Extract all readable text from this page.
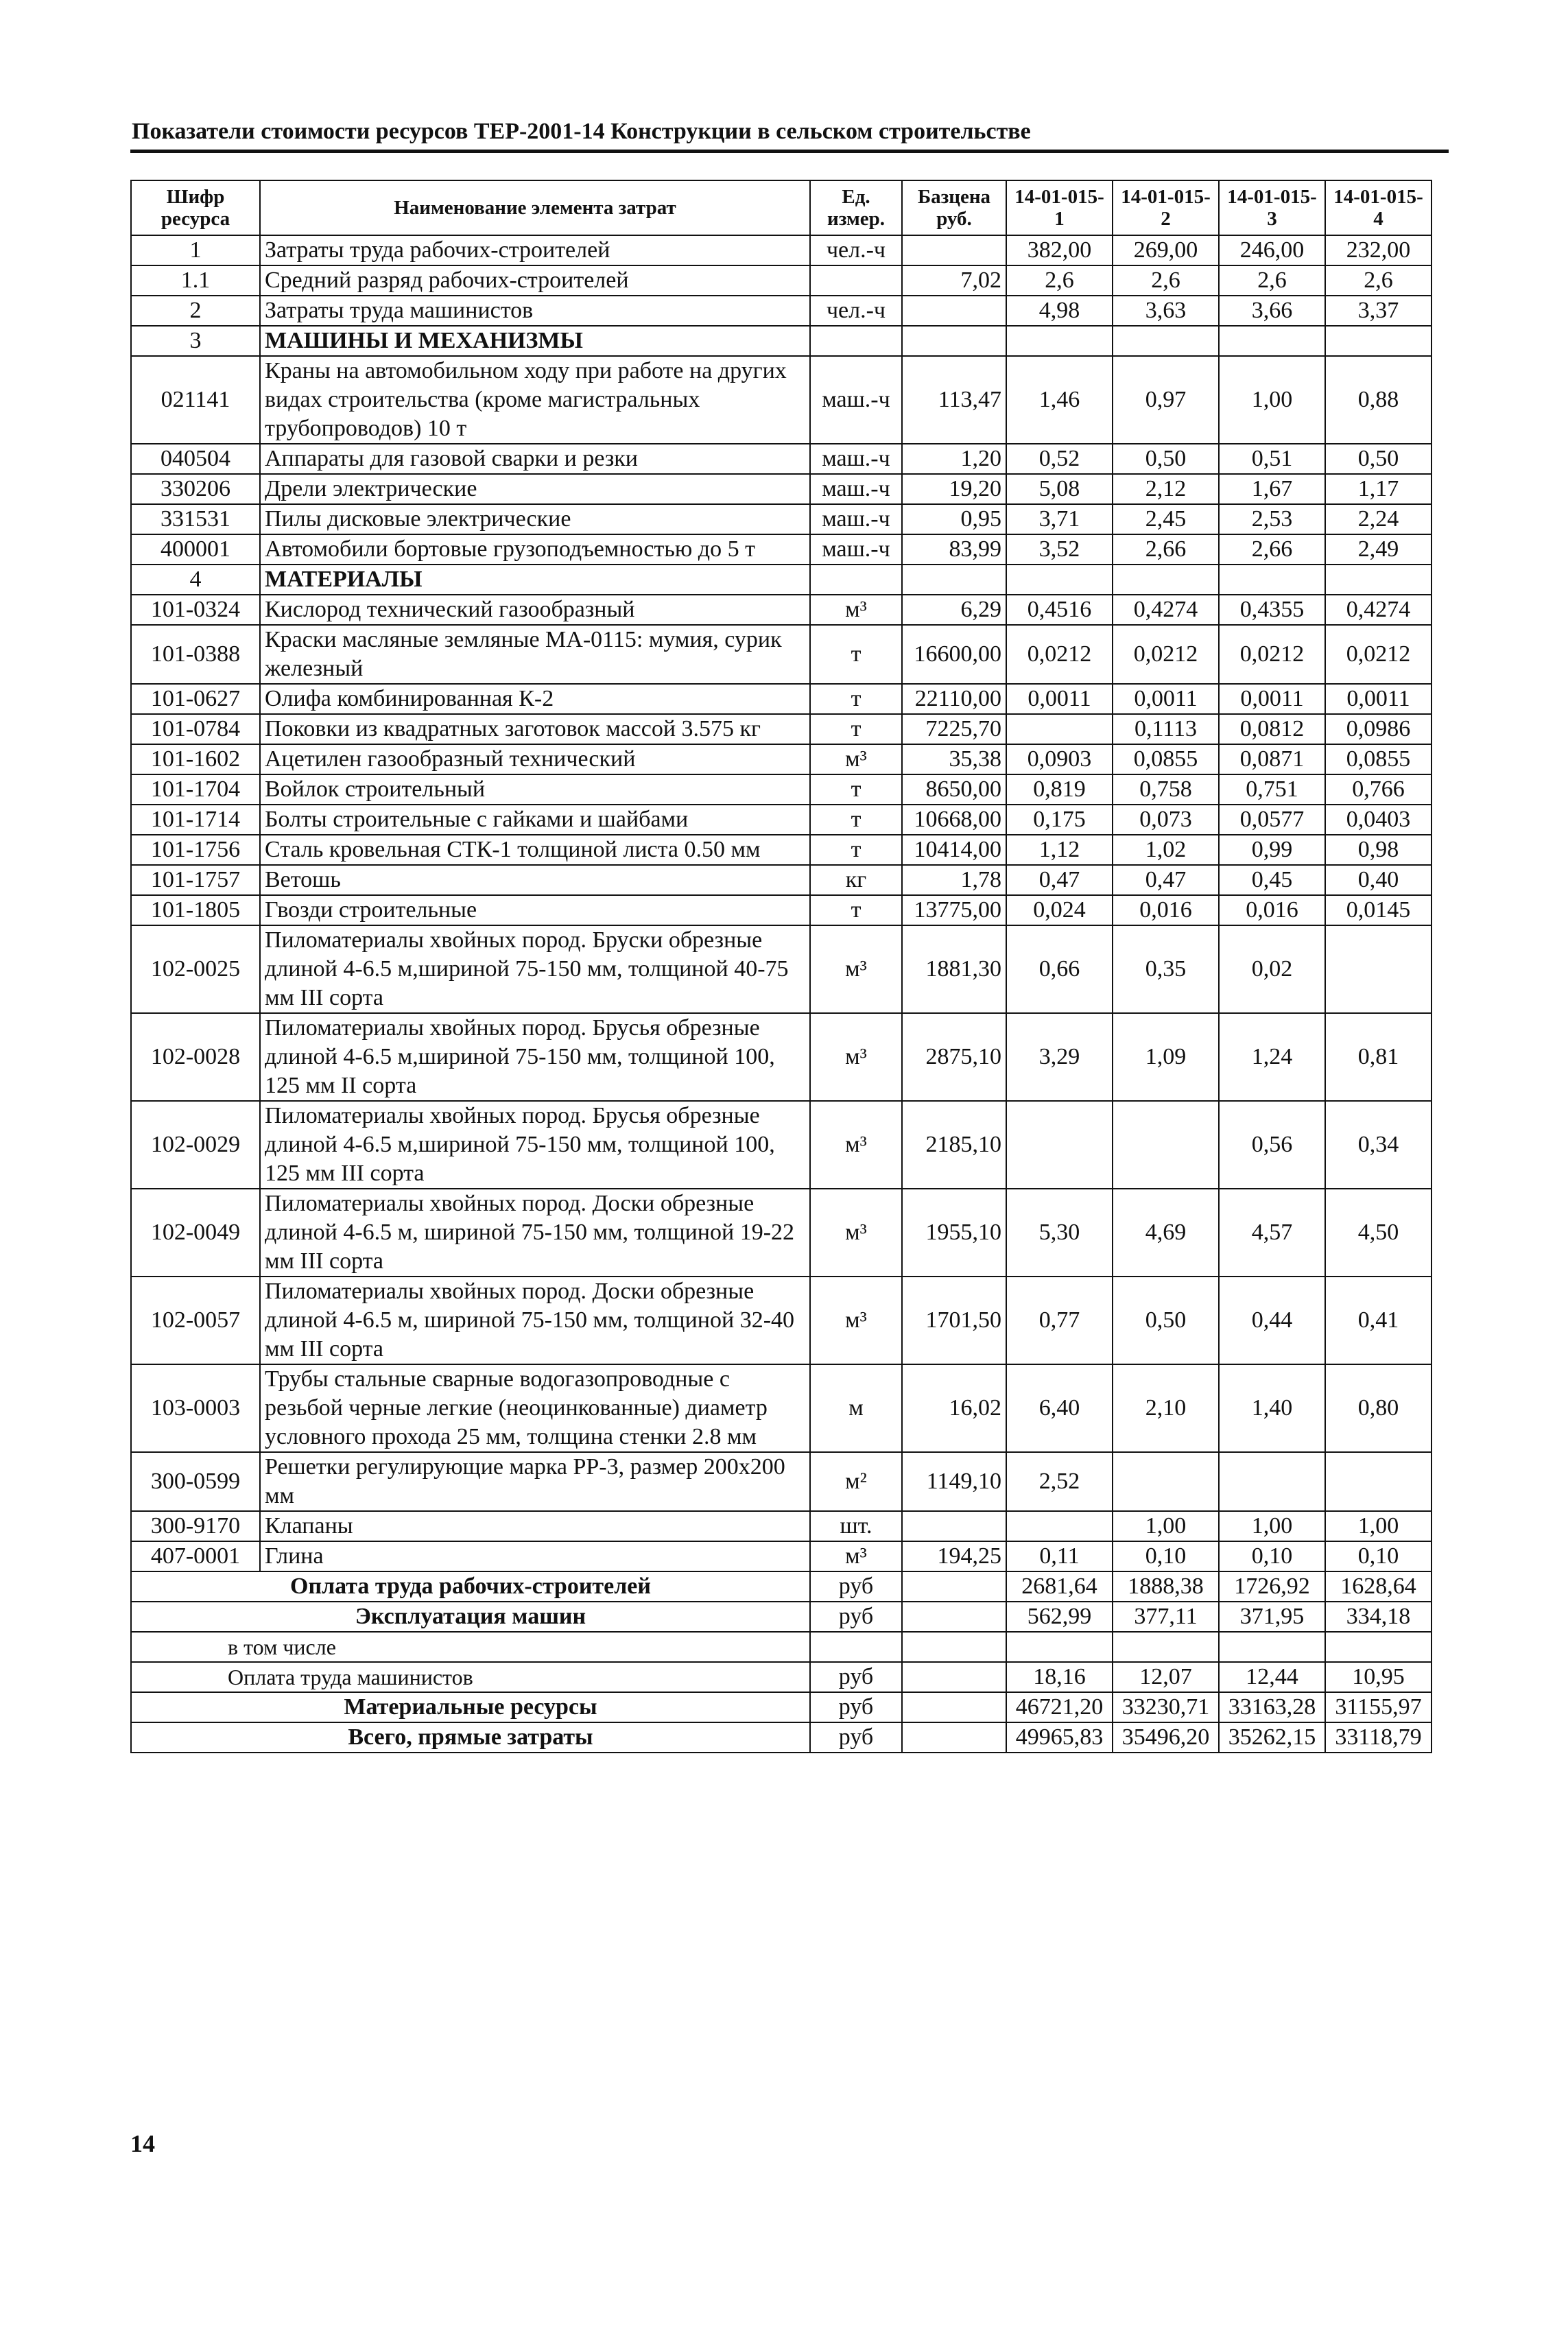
Показатели стоимости ресурсов ТЕР-2001-14 Конструкции в сельском строительстве
Шифр ресурса	Наименование элемента затрат	Ед. измер.	Базцена руб.	14-01-015-1	14-01-015-2	14-01-015-3	14-01-015-4
1	Затраты труда рабочих-строителей	чел.-ч		382,00	269,00	246,00	232,00
1.1	Средний разряд рабочих-строителей		7,02	2,6	2,6	2,6	2,6
2	Затраты труда машинистов	чел.-ч		4,98	3,63	3,66	3,37
3	МАШИНЫ И МЕХАНИЗМЫ						
021141	Краны на автомобильном ходу при работе на других видах строительства (кроме магистральных трубопроводов) 10 т	маш.-ч	113,47	1,46	0,97	1,00	0,88
040504	Аппараты для газовой сварки и резки	маш.-ч	1,20	0,52	0,50	0,51	0,50
330206	Дрели электрические	маш.-ч	19,20	5,08	2,12	1,67	1,17
331531	Пилы дисковые электрические	маш.-ч	0,95	3,71	2,45	2,53	2,24
400001	Автомобили бортовые грузоподъемностью до 5 т	маш.-ч	83,99	3,52	2,66	2,66	2,49
4	МАТЕРИАЛЫ						
101-0324	Кислород технический газообразный	м³	6,29	0,4516	0,4274	0,4355	0,4274
101-0388	Краски масляные земляные МА-0115: мумия, сурик железный	т	16600,00	0,0212	0,0212	0,0212	0,0212
101-0627	Олифа комбинированная К-2	т	22110,00	0,0011	0,0011	0,0011	0,0011
101-0784	Поковки из квадратных заготовок массой 3.575 кг	т	7225,70		0,1113	0,0812	0,0986
101-1602	Ацетилен газообразный технический	м³	35,38	0,0903	0,0855	0,0871	0,0855
101-1704	Войлок строительный	т	8650,00	0,819	0,758	0,751	0,766
101-1714	Болты строительные с гайками и шайбами	т	10668,00	0,175	0,073	0,0577	0,0403
101-1756	Сталь кровельная СТК-1 толщиной листа 0.50 мм	т	10414,00	1,12	1,02	0,99	0,98
101-1757	Ветошь	кг	1,78	0,47	0,47	0,45	0,40
101-1805	Гвозди строительные	т	13775,00	0,024	0,016	0,016	0,0145
102-0025	Пиломатериалы хвойных пород. Бруски обрезные длиной 4-6.5 м,шириной 75-150 мм, толщиной 40-75 мм III сорта	м³	1881,30	0,66	0,35	0,02	
102-0028	Пиломатериалы хвойных пород. Брусья обрезные длиной 4-6.5 м,шириной 75-150 мм, толщиной 100, 125 мм II сорта	м³	2875,10	3,29	1,09	1,24	0,81
102-0029	Пиломатериалы хвойных пород. Брусья обрезные длиной 4-6.5 м,шириной 75-150 мм, толщиной 100, 125 мм III сорта	м³	2185,10			0,56	0,34
102-0049	Пиломатериалы хвойных пород. Доски обрезные длиной 4-6.5 м, шириной 75-150 мм, толщиной 19-22 мм III сорта	м³	1955,10	5,30	4,69	4,57	4,50
102-0057	Пиломатериалы хвойных пород. Доски обрезные длиной 4-6.5 м, шириной 75-150 мм, толщиной 32-40 мм III сорта	м³	1701,50	0,77	0,50	0,44	0,41
103-0003	Трубы стальные сварные водогазопроводные с резьбой черные легкие (неоцинкованные) диаметр условного прохода 25 мм, толщина стенки 2.8 мм	м	16,02	6,40	2,10	1,40	0,80
300-0599	Решетки регулирующие марка РР-3, размер 200х200 мм	м²	1149,10	2,52			
300-9170	Клапаны	шт.			1,00	1,00	1,00
407-0001	Глина	м³	194,25	0,11	0,10	0,10	0,10
Оплата труда рабочих-строителей		руб		2681,64	1888,38	1726,92	1628,64
Эксплуатация машин		руб		562,99	377,11	371,95	334,18
в том числе							
Оплата труда машинистов		руб		18,16	12,07	12,44	10,95
Материальные ресурсы		руб		46721,20	33230,71	33163,28	31155,97
Всего, прямые затраты		руб		49965,83	35496,20	35262,15	33118,79
14
